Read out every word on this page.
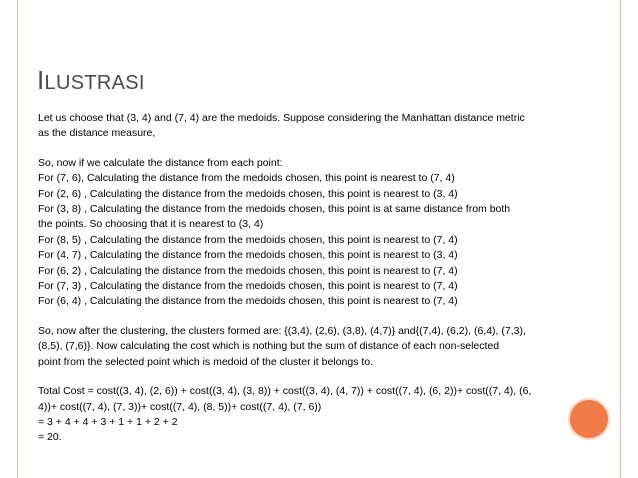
ILUSTRASI
Let us choose that (3, 4) and (7, 4) are the medoids. Suppose considering the Manhattan distance metric
as the distance measure,
So, now if we calculate the distance from each point:
For (7, 6), Calculating the distance from the medoids chosen, this point is nearest to (7, 4)
For (2, 6) , Calculating the distance from the medoids chosen, this point is nearest to (3, 4)
For (3, 8) , Calculating the distance from the medoids chosen, this point is at same distance from both
the points. So choosing that it is nearest to (3, 4)
For (8, 5) , Calculating the distance from the medoids chosen, this point is nearest to (7, 4)
For (4, 7) , Calculating the distance from the medoids chosen, this point is nearest to (3, 4)
For (6, 2) , Calculating the distance from the medoids chosen, this point is nearest to (7, 4)
For (7, 3) , Calculating the distance from the medoids chosen, this point is nearest to (7, 4)
For (6, 4) , Calculating the distance from the medoids chosen, this point is nearest to (7, 4)
So, now after the clustering, the clusters formed are: {(3,4), (2,6), (3,8), (4,7)} and{(7,4), (6,2), (6,4), (7,3),
(8,5), (7,6)}. Now calculating the cost which is nothing but the sum of distance of each non-selected
point from the selected point which is medoid of the cluster it belongs to.
Total Cost = cost((3, 4), (2, 6)) + cost((3, 4), (3, 8)) + cost((3, 4), (4, 7)) + cost((7, 4), (6, 2))+ cost((7, 4), (6,
4))+ cost((7, 4), (7, 3))+ cost((7, 4), (8, 5))+ cost((7, 4), (7, 6))
= 3 + 4 + 4 + 3 + 1 + 1 + 2 + 2
= 20.
